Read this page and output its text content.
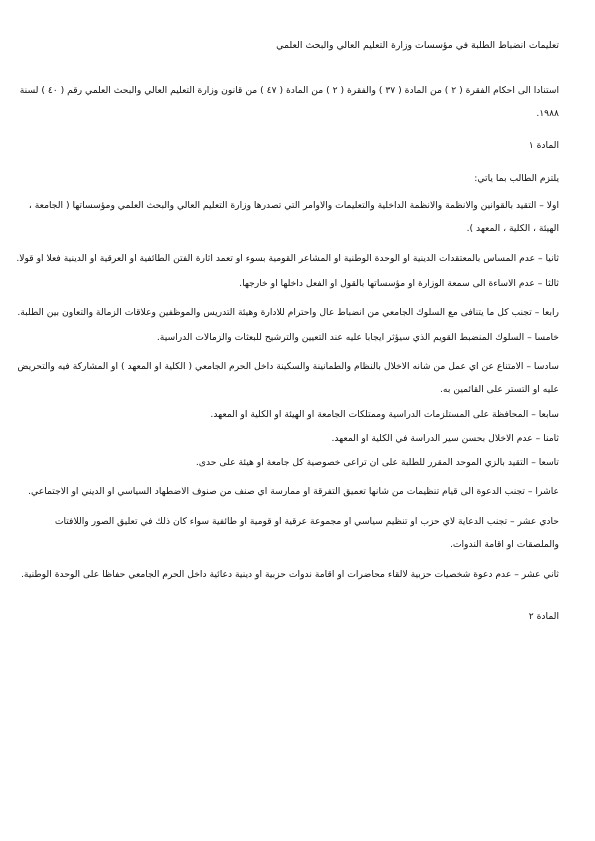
تعليمات انضباط الطلبة في مؤسسات وزارة التعليم العالي والبحث العلمي

استنادا الى احكام الفقرة ( ٢ ) من المادة ( ٣٧ ) والفقرة ( ٢ ) من المادة ( ٤٧ ) من قانون وزارة التعليم العالي والبحث العلمي رقم ( ٤٠ ) لسنة ١٩٨٨.

المادة ١

يلتزم الطالب بما ياتي:

اولا – التقيد بالقوانين والانظمة والانظمة الداخلية والتعليمات والاوامر التي تصدرها وزارة التعليم العالي والبحث العلمي ومؤسساتها ( الجامعة ، الهيئة ، الكلية ، المعهد ).

ثانيا – عدم المساس بالمعتقدات الدينية او الوحدة الوطنية او المشاعر القومية بسوء او تعمد اثارة الفتن الطائفية او العرقية او الدينية فعلا او قولا.

ثالثا – عدم الاساءة الى سمعة الوزارة او مؤسساتها بالقول او الفعل داخلها او خارجها.

رابعا – تجنب كل ما يتنافى مع السلوك الجامعي من انضباط عال واحترام للادارة وهيئة التدريس والموظفين وعلاقات الزمالة والتعاون بين الطلبة.

خامسا – السلوك المنضبط القويم الذي سيؤثر ايجابا عليه عند التعيين والترشيح للبعثات والزمالات الدراسية.

سادسا – الامتناع عن اي عمل من شانه الاخلال بالنظام والطمانينة والسكينة داخل الحرم الجامعي ( الكلية او المعهد ) او المشاركة فيه والتحريض عليه او التستر على القائمين به.

سابعا – المحافظة على المستلزمات الدراسية وممتلكات الجامعة او الهيئة او الكلية او المعهد.

ثامنا – عدم الاخلال بحسن سير الدراسة في الكلية او المعهد.

تاسعا – التقيد بالزي الموحد المقرر للطلبة على ان تراعى خصوصية كل جامعة او هيئة على حدى.

عاشرا – تجنب الدعوة الى قيام تنظيمات من شانها تعميق التفرقة او ممارسة اي صنف من صنوف الاضطهاد السياسي او الديني او الاجتماعي.

حادي عشر – تجنب الدعاية لاي حزب او تنظيم سياسي او مجموعة عرقية او قومية او طائفية سواء كان ذلك في تعليق الصور واللافتات والملصقات او اقامة الندوات.

ثاني عشر – عدم دعوة شخصيات حزبية لالقاء محاضرات او اقامة ندوات حزبية او دينية دعائية داخل الحرم الجامعي حفاظا على الوحدة الوطنية.

المادة ٢
